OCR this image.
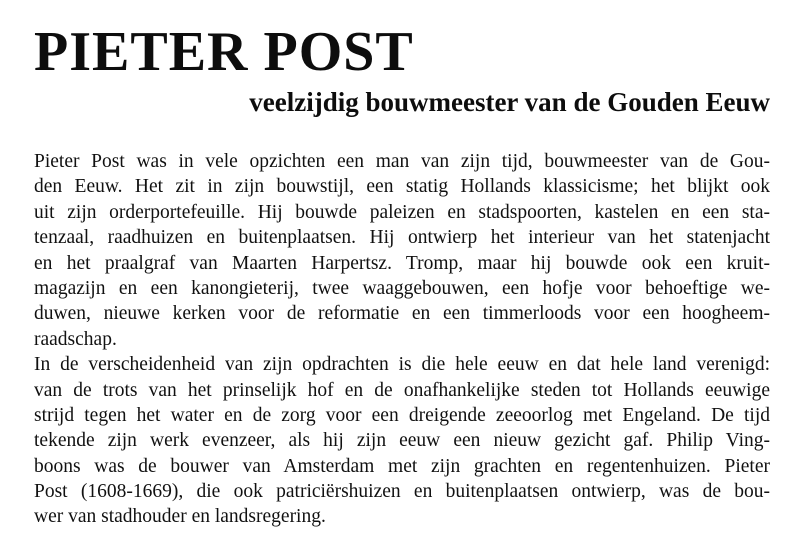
PIETER POST
veelzijdig bouwmeester van de Gouden Eeuw
Pieter Post was in vele opzichten een man van zijn tijd, bouwmeester van de Gou-
den Eeuw. Het zit in zijn bouwstijl, een statig Hollands klassicisme; het blijkt ook
uit zijn orderportefeuille. Hij bouwde paleizen en stadspoorten, kastelen en een sta-
tenzaal, raadhuizen en buitenplaatsen. Hij ontwierp het interieur van het statenjacht
en het praalgraf van Maarten Harpertsz. Tromp, maar hij bouwde ook een kruit-
magazijn en een kanongieterij, twee waaggebouwen, een hofje voor behoeftige we-
duwen, nieuwe kerken voor de reformatie en een timmerloods voor een hoogheem-
raadschap.
In de verscheidenheid van zijn opdrachten is die hele eeuw en dat hele land verenigd:
van de trots van het prinselijk hof en de onafhankelijke steden tot Hollands eeuwige
strijd tegen het water en de zorg voor een dreigende zeeoorlog met Engeland. De tijd
tekende zijn werk evenzeer, als hij zijn eeuw een nieuw gezicht gaf. Philip Ving-
boons was de bouwer van Amsterdam met zijn grachten en regentenhuizen. Pieter
Post (1608-1669), die ook patriciërshuizen en buitenplaatsen ontwierp, was de bou-
wer van stadhouder en landsregering.
